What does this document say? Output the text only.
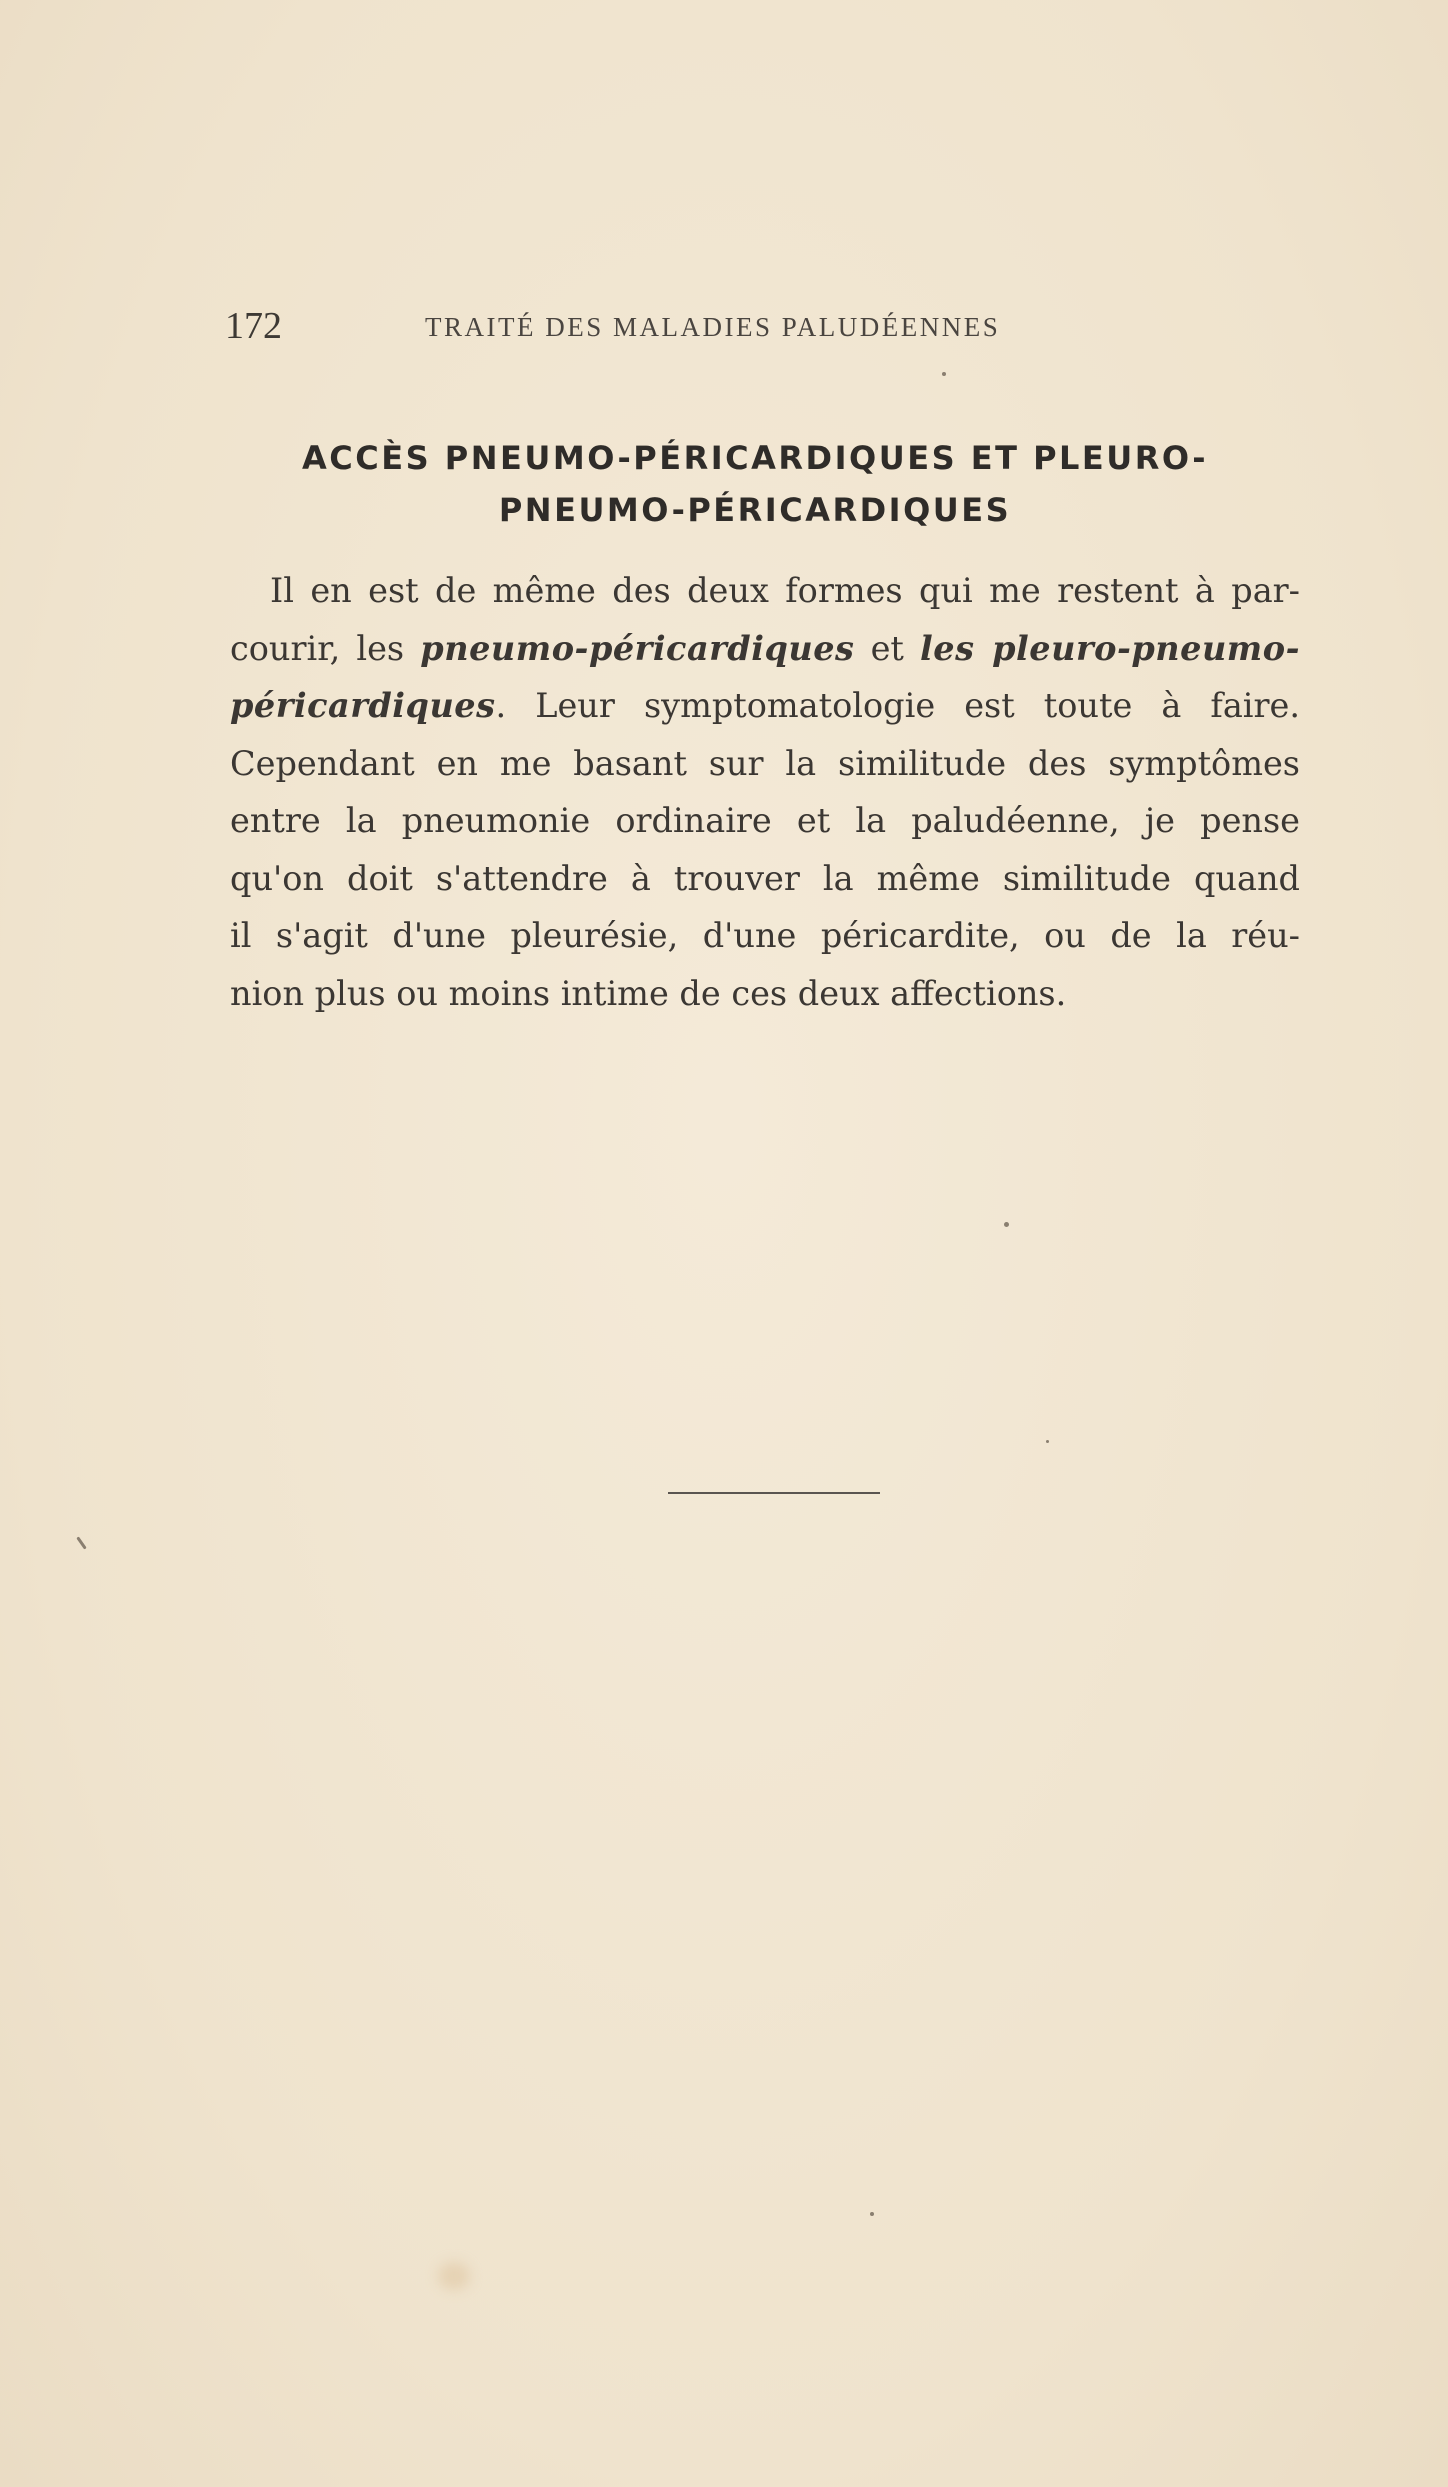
172	TRAITÉ DES MALADIES PALUDÉENNES
ACCÈS PNEUMO-PÉRICARDIQUES ET PLEURO-
PNEUMO-PÉRICARDIQUES
Il en est de même des deux formes qui me restent à par-
courir, les pneumo-péricardiques et les pleuro-pneumo-
péricardiques. Leur symptomatologie est toute à faire.
Cependant en me basant sur la similitude des symptômes
entre la pneumonie ordinaire et la paludéenne, je pense
qu'on doit s'attendre à trouver la même similitude quand
il s'agit d'une pleurésie, d'une péricardite, ou de la réu-
nion plus ou moins intime de ces deux affections.
